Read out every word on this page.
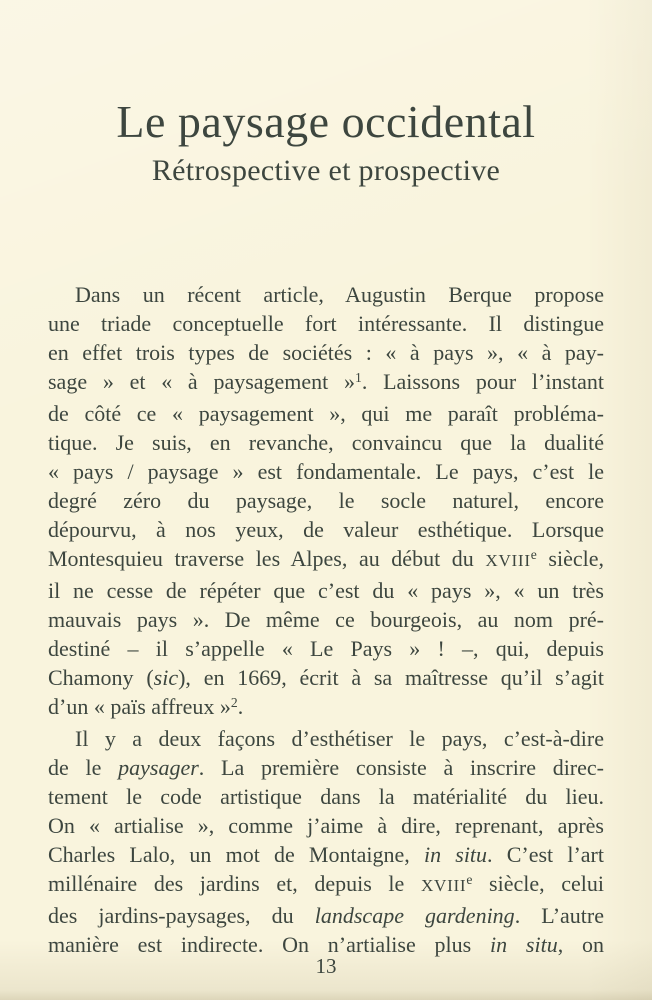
Le paysage occidental
Rétrospective et prospective
Dans un récent article, Augustin Berque propose
une triade conceptuelle fort intéressante. Il distingue
en effet trois types de sociétés : « à pays », « à pay-
sage » et « à paysagement »$^1$. Laissons pour l’instant
de côté ce « paysagement », qui me paraît probléma-
tique. Je suis, en revanche, convaincu que la dualité
« pays / paysage » est fondamentale. Le pays, c’est le
degré zéro du paysage, le socle naturel, encore
dépourvu, à nos yeux, de valeur esthétique. Lorsque
Montesquieu traverse les Alpes, au début du XVIIIe siècle,
il ne cesse de répéter que c’est du « pays », « un très
mauvais pays ». De même ce bourgeois, au nom pré-
destiné – il s’appelle « Le Pays » ! –, qui, depuis
Chamony (sic), en 1669, écrit à sa maîtresse qu’il s’agit
d’un « païs affreux »$^2$.
Il y a deux façons d’esthétiser le pays, c’est-à-dire
de le paysager. La première consiste à inscrire direc-
tement le code artistique dans la matérialité du lieu.
On « artialise », comme j’aime à dire, reprenant, après
Charles Lalo, un mot de Montaigne, in situ. C’est l’art
millénaire des jardins et, depuis le XVIIIe siècle, celui
des jardins-paysages, du landscape gardening. L’autre
manière est indirecte. On n’artialise plus in situ, on
13
